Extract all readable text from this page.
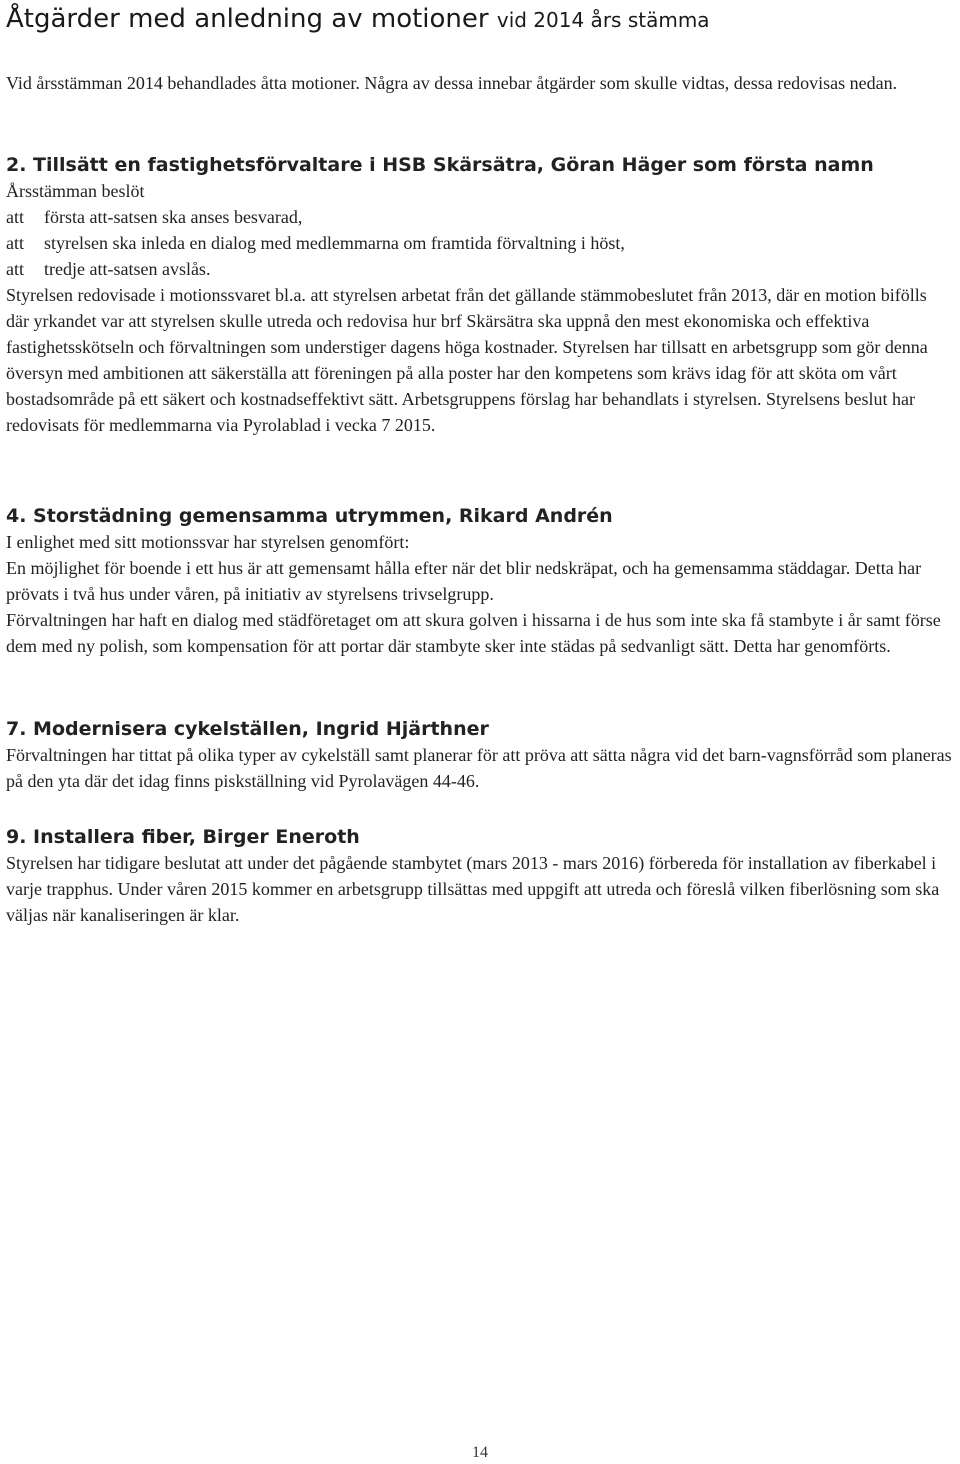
Åtgärder med anledning av motioner vid 2014 års stämma

Vid årsstämman 2014 behandlades åtta motioner. Några av dessa innebar åtgärder som skulle vidtas, dessa redovisas nedan.

2. Tillsätt en fastighetsförvaltare i HSB Skärsätra, Göran Häger som första namn

Årsstämman beslöt

att första att-satsen ska anses besvarad,

att styrelsen ska inleda en dialog med medlemmarna om framtida förvaltning i höst,

att tredje att-satsen avslås.

Styrelsen redovisade i motionssvaret bl.a. att styrelsen arbetat från det gällande stämmobeslutet från 2013, där en motion bifölls där yrkandet var att styrelsen skulle utreda och redovisa hur brf Skärsätra ska uppnå den mest ekonomiska och effektiva fastighetsskötseln och förvaltningen som understiger dagens höga kostnader. Styrelsen har tillsatt en arbetsgrupp som gör denna översyn med ambitionen att säkerställa att föreningen på alla poster har den kompetens som krävs idag för att sköta om vårt bostadsområde på ett säkert och kostnadseffektivt sätt. Arbetsgruppens förslag har behandlats i styrelsen. Styrelsens beslut har redovisats för medlemmarna via Pyrolablad i vecka 7 2015.

4. Storstädning gemensamma utrymmen, Rikard Andrén

I enlighet med sitt motionssvar har styrelsen genomfört:

En möjlighet för boende i ett hus är att gemensamt hålla efter när det blir nedskräpat, och ha gemensamma städdagar. Detta har prövats i två hus under våren, på initiativ av styrelsens trivselgrupp.

Förvaltningen har haft en dialog med städföretaget om att skura golven i hissarna i de hus som inte ska få stambyte i år samt förse dem med ny polish, som kompensation för att portar där stambyte sker inte städas på sedvanligt sätt. Detta har genomförts.

7. Modernisera cykelställen, Ingrid Hjärthner

Förvaltningen har tittat på olika typer av cykelställ samt planerar för att pröva att sätta några vid det barn-vagnsförråd som planeras på den yta där det idag finns piskställning vid Pyrolavägen 44-46.

9. Installera fiber, Birger Eneroth

Styrelsen har tidigare beslutat att under det pågående stambytet (mars 2013 - mars 2016) förbereda för installation av fiberkabel i varje trapphus. Under våren 2015 kommer en arbetsgrupp tillsättas med uppgift att utreda och föreslå vilken fiberlösning som ska väljas när kanaliseringen är klar.

14
